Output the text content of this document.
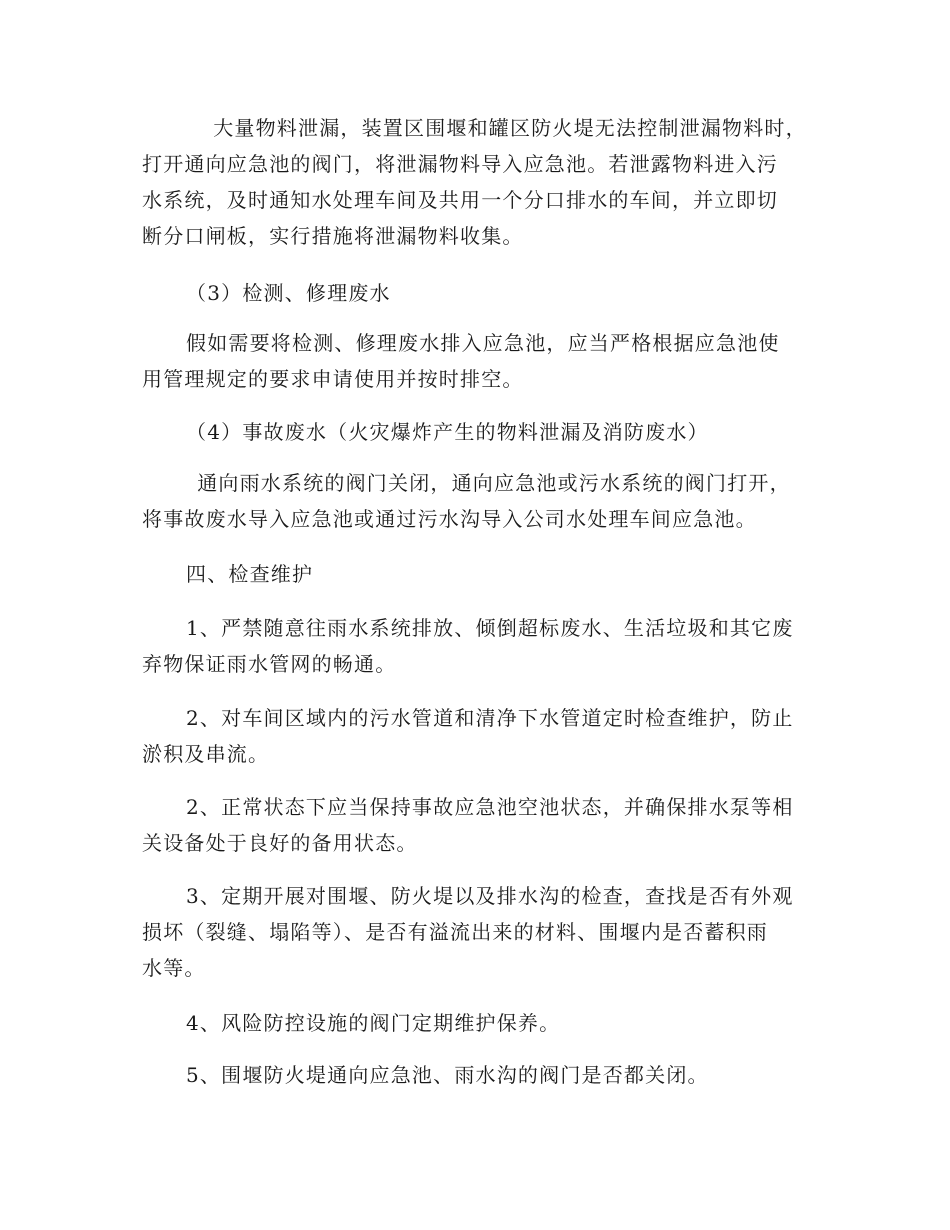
　大量物料泄漏，装置区围堰和罐区防火堤无法控制泄漏物料时，
打开通向应急池的阀门，将泄漏物料导入应急池。若泄露物料进入污
水系统，及时通知水处理车间及共用一个分口排水的车间，并立即切
断分口闸板，实行措施将泄漏物料收集。

（3）检测、修理废水

假如需要将检测、修理废水排入应急池，应当严格根据应急池使
用管理规定的要求申请使用并按时排空。

（4）事故废水（火灾爆炸产生的物料泄漏及消防废水）

　通向雨水系统的阀门关闭，通向应急池或污水系统的阀门打开，
将事故废水导入应急池或通过污水沟导入公司水处理车间应急池。

四、检查维护

1、严禁随意往雨水系统排放、倾倒超标废水、生活垃圾和其它废
弃物保证雨水管网的畅通。

2、对车间区域内的污水管道和清净下水管道定时检查维护，防止
淤积及串流。

2、正常状态下应当保持事故应急池空池状态，并确保排水泵等相
关设备处于良好的备用状态。

3、定期开展对围堰、防火堤以及排水沟的检查，查找是否有外观
损坏（裂缝、塌陷等）、是否有溢流出来的材料、围堰内是否蓄积雨
水等。

4、风险防控设施的阀门定期维护保养。

5、围堰防火堤通向应急池、雨水沟的阀门是否都关闭。
